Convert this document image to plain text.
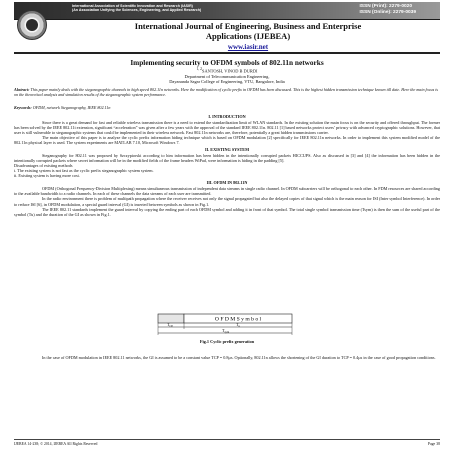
International Association of Scientific Innovation and Research (IASIR)
(An Association Unifying the Sciences, Engineering, and Applied Research)
ISSN (Print): 2279-0020
ISSN (Online): 2279-0039
International Journal of Engineering, Business and Enterprise
Applications (IJEBEA)
www.iasir.net
Implementing security to OFDM symbols of 802.11n networks
$^{1, 2}$SANTOSH, VINOD B DURDI
Department of Telecommunication Engineering,
Dayananda Sagar College of Engineering, VTU, Bangalore, India
Abstract: This paper mainly deals with the steganographic channels in high speed 802.11n networks. Here the modification of cyclic prefix in OFDM has been discussed. This is the highest hidden transmission technique known till date. Here the main focus is on the theoretical analysis and simulation results of the steganographic system performance.
Keywords: OFDM, network Steganography, IEEE 802.11n
I. INTRODUCTION

Since there is a great demand for fast and reliable wireless transmission there is a need to extend the standardization limit of WLAN standards. In the existing solution the main focus is on the security and offered throughput. The former has been solved by the IEEE 802.11i extension, significant “acceleration” was given after a few years with the approval of the standard IEEE 802.11n. 802.11 [1] based networks protect users’ privacy with advanced cryptographic solutions. However, that user is still vulnerable to steganographic systems that could be implemented in their wireless network. Fast 802.11n networks are, therefore, potentially a great hidden transmissions carrier.

The main objective of this paper is to analyze the cyclic prefix information hiding technique which is based on OFDM modulation [2] specifically for IEEE 802.11n networks. In order to implement this system modified model of the 802.11n physical layer is used. The system experiments are MATLAB 7.10, Microsoft Windows 7.

II. EXISTING SYSTEM

Steganography for 802.11 was proposed by Szczypiorski according to him information has been hidden in the intentionally corrupted packets HICCUPS. Also as discussed in [3] and [4] the information has been hidden in the intentionally corrupted packets where secret information will be in the modified fields of the frame headers WiPad, were information is hiding in the padding [5].

Disadvantages of existing methods

i. The existing system is not fast as the cyclic prefix steganographic system system.

ii. Existing system is having more cost.

III. OFDM IN 802.11N

OFDM (Orthogonal Frequency-Division Multiplexing) means simultaneous transmission of independent data streams in single radio channel. In OFDM subcarriers will be orthogonal to each other. In FDM resources are shared according to the available bandwidth to a radio channels. In each of these channels the data streams of each user are transmitted.

In the radio environment there is problem of multipath propagation where the receiver receives not only the signal propagated but also the delayed copies of that signal which is the main reason for ISI (Inter symbol Interference). In order to reduce ISI [6], in OFDM modulation, a special guard interval (GI) is inserted between symbols as shown in Fig.1.

The IEEE 802.11 standards implement the guard interval by copying the ending part of each OFDM symbol and adding it in front of that symbol. The total single symbol transmission time (Tsym) is then the sum of the useful part of the symbol (Tu) and the duration of the GI as shown in Fig.1.

O F D M S y m b o l
$T_{CP}$	$T_u$
$T_{sym}$
Fig.1 Cyclic prefix generation

In the case of OFDM modulation in IEEE 802.11 networks, the GI is assumed to be a constant value TCP = 0.8µs. Optionally, 802.11n allows the shortening of the GI duration to TCP = 0.4µs in the case of good propagation conditions.

IJEBEA 14-238; © 2014, IJEBEA All Rights Reserved	Page 38
